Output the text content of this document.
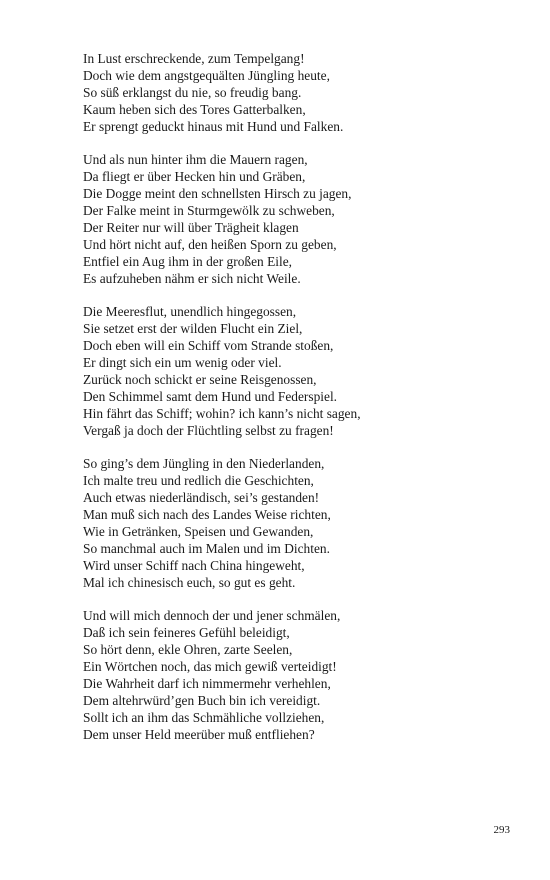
In Lust erschreckende, zum Tempelgang!
Doch wie dem angstgequälten Jüngling heute,
So süß erklangst du nie, so freudig bang.
Kaum heben sich des Tores Gatterbalken,
Er sprengt geduckt hinaus mit Hund und Falken.
Und als nun hinter ihm die Mauern ragen,
Da fliegt er über Hecken hin und Gräben,
Die Dogge meint den schnellsten Hirsch zu jagen,
Der Falke meint in Sturmgewölk zu schweben,
Der Reiter nur will über Trägheit klagen
Und hört nicht auf, den heißen Sporn zu geben,
Entfiel ein Aug ihm in der großen Eile,
Es aufzuheben nähm er sich nicht Weile.
Die Meeresflut, unendlich hingegossen,
Sie setzet erst der wilden Flucht ein Ziel,
Doch eben will ein Schiff vom Strande stoßen,
Er dingt sich ein um wenig oder viel.
Zurück noch schickt er seine Reisgenossen,
Den Schimmel samt dem Hund und Federspiel.
Hin fährt das Schiff; wohin? ich kann’s nicht sagen,
Vergaß ja doch der Flüchtling selbst zu fragen!
So ging’s dem Jüngling in den Niederlanden,
Ich malte treu und redlich die Geschichten,
Auch etwas niederländisch, sei’s gestanden!
Man muß sich nach des Landes Weise richten,
Wie in Getränken, Speisen und Gewanden,
So manchmal auch im Malen und im Dichten.
Wird unser Schiff nach China hingeweht,
Mal ich chinesisch euch, so gut es geht.
Und will mich dennoch der und jener schmälen,
Daß ich sein feineres Gefühl beleidigt,
So hört denn, ekle Ohren, zarte Seelen,
Ein Wörtchen noch, das mich gewiß verteidigt!
Die Wahrheit darf ich nimmermehr verhehlen,
Dem altehrwürd’gen Buch bin ich vereidigt.
Sollt ich an ihm das Schmähliche vollziehen,
Dem unser Held meerüber muß entfliehen?
293
